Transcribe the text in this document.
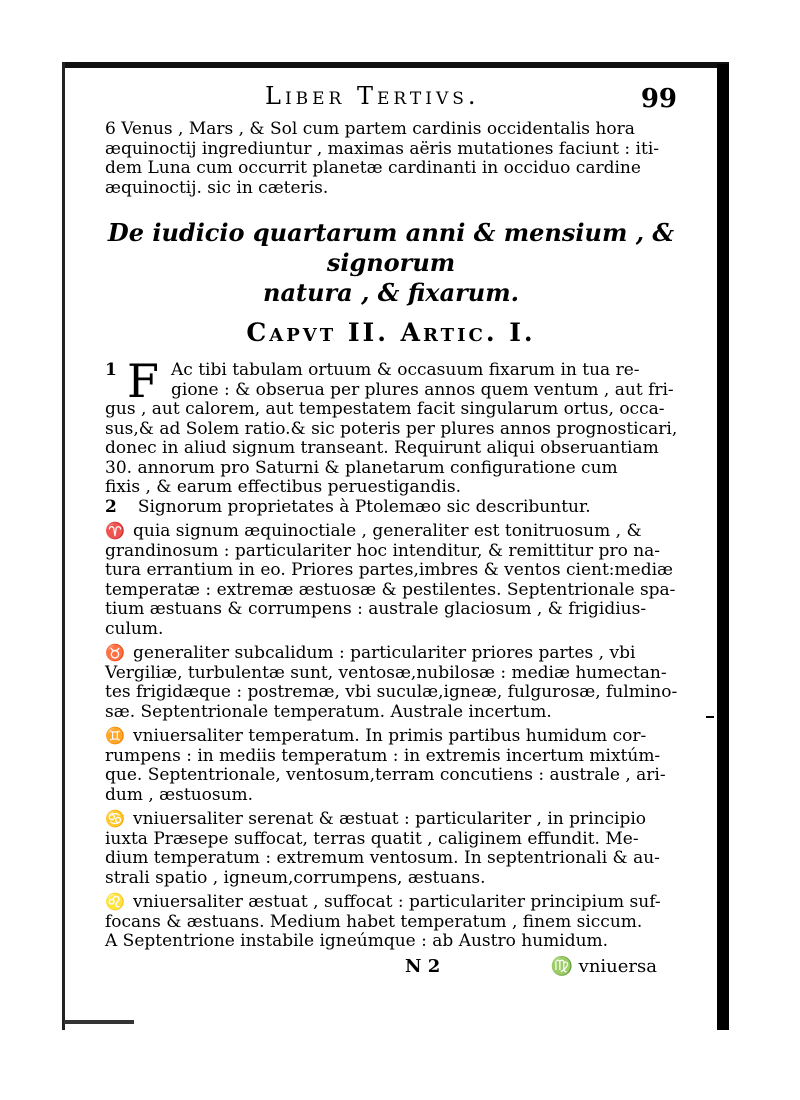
Liber Tertivs.	99
6 Venus , Mars , & Sol cum partem cardinis occidentalis hora
æquinoctij ingrediuntur , maximas aëris mutationes faciunt : iti-
dem Luna cum occurrit planetæ cardinanti in occiduo cardine
æquinoctij. sic in cæteris.
De iudicio quartarum anni & mensium , & signorum
natura , & fixarum.
Capvt II. Artic. I.
F
1	Ac tibi tabulam ortuum & occasuum fixarum in tua re-
gione : & obserua per plures annos quem ventum , aut fri-
gus , aut calorem, aut tempestatem facit singularum ortus, occa-
sus,& ad Solem ratio.& sic poteris per plures annos prognosticari,
donec in aliud signum transeant. Requirunt aliqui obseruantiam
30. annorum pro Saturni & planetarum configuratione cum
fixis , & earum effectibus peruestigandis.
2 Signorum proprietates à Ptolemæo sic describuntur.
♈ quia signum æquinoctiale , generaliter est tonitruosum , &
grandinosum : particulariter hoc intenditur, & remittitur pro na-
tura errantium in eo. Priores partes,imbres & ventos cient:mediæ
temperatæ : extremæ æstuosæ & pestilentes. Septentrionale spa-
tium æstuans & corrumpens : australe glaciosum , & frigidius-
culum.
♉ generaliter subcalidum : particulariter priores partes , vbi
Vergiliæ, turbulentæ sunt, ventosæ,nubilosæ : mediæ humectan-
tes frigidæque : postremæ, vbi suculæ,igneæ, fulgurosæ, fulmino-
sæ. Septentrionale temperatum. Australe incertum.
♊ vniuersaliter temperatum. In primis partibus humidum cor-
rumpens : in mediis temperatum : in extremis incertum mixtúm-
que. Septentrionale, ventosum,terram concutiens : australe , ari-
dum , æstuosum.
♋ vniuersaliter serenat & æstuat : particulariter , in principio
iuxta Præsepe suffocat, terras quatit , caliginem effundit. Me-
dium temperatum : extremum ventosum. In septentrionali & au-
strali spatio , igneum,corrumpens, æstuans.
♌ vniuersaliter æstuat , suffocat : particulariter principium suf-
focans & æstuans. Medium habet temperatum , finem siccum.
A Septentrione instabile igneúmque : ab Austro humidum.
N 2	♍ vniuersa
